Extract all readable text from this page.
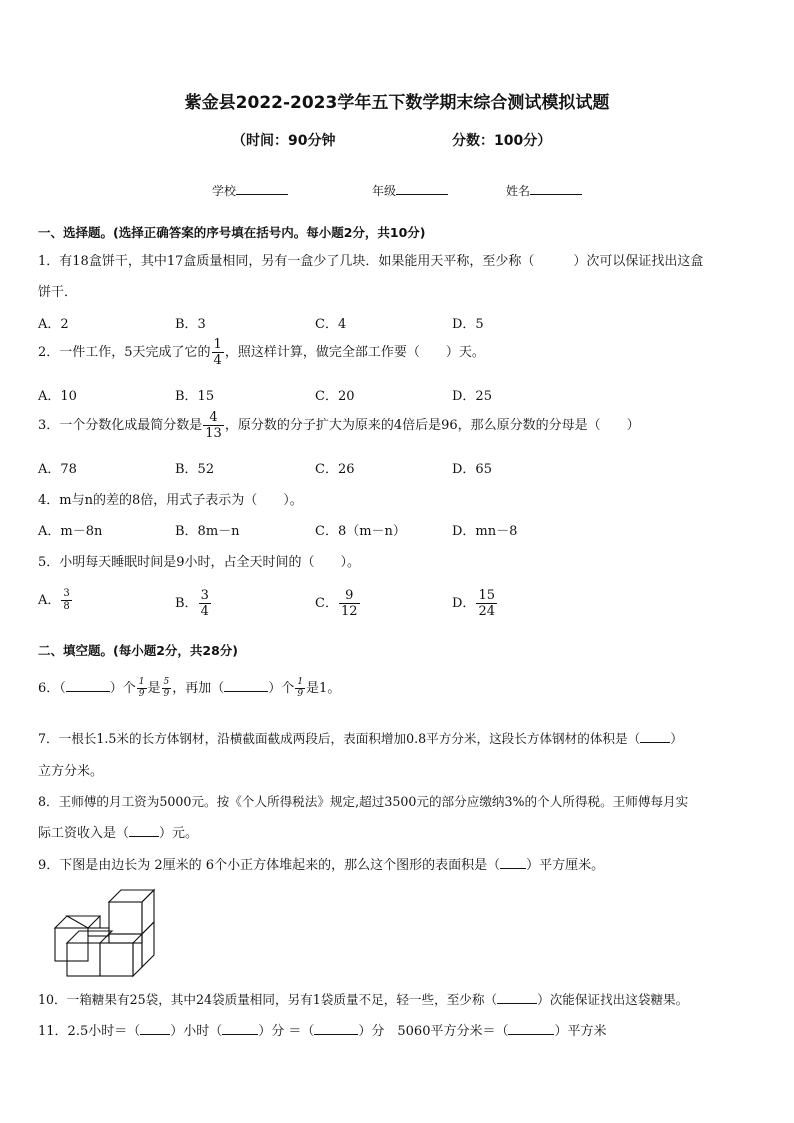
紫金县2022-2023学年五下数学期末综合测试模拟试题
（时间：90分钟	分数：100分）
学校	年级	姓名
一、选择题。(选择正确答案的序号填在括号内。每小题2分，共10分)
1．有18盒饼干，其中17盒质量相同，另有一盒少了几块．如果能用天平称，至少称（　　　）次可以保证找出这盒
饼干．
A．2	B．3	C．4	D．5
2．一件工作，5天完成了它的 $\frac{1}{4}$ ，照这样计算，做完全部工作要（　　）天。
A．10	B．15	C．20	D．25
3．一个分数化成最简分数是 $\frac{4}{13}$ ，原分数的分子扩大为原来的4倍后是96，那么原分数的分母是（　　）
A．78	B．52	C．26	D．65
4．m与n的差的8倍，用式子表示为（　　）。
A．m－8n	B．8m－n	C．8（m－n）	D．mn－8
5．小明每天睡眠时间是9小时，占全天时间的（　　）。
A． $\frac{3}{8}$	B． $\frac{3}{4}$	C． $\frac{9}{12}$	D． $\frac{15}{24}$
二、填空题。(每小题2分，共28分)
6．（	）个 $\frac{1}{9}$ 是 $\frac{5}{9}$ ，再加（	）个 $\frac{1}{9}$ 是1。
7．一根长1.5米的长方体钢材，沿横截面截成两段后，表面积增加0.8平方分米，这段长方体钢材的体积是（ ）
立方分米。
8．王师傅的月工资为5000元。按《个人所得税法》规定,超过3500元的部分应缴纳3%的个人所得税。王师傅每月实
际工资收入是（ ）元。
9．下图是由边长为 2厘米的 6个小正方体堆起来的，那么这个图形的表面积是（ ）平方厘米。
10．一箱糖果有25袋，其中24袋质量相同，另有1袋质量不足，轻一些，至少称（	）次能保证找出这袋糖果。
11．2.5小时＝（ ）小时（	）分 ＝（	）分　5060平方分米＝（	）平方米
